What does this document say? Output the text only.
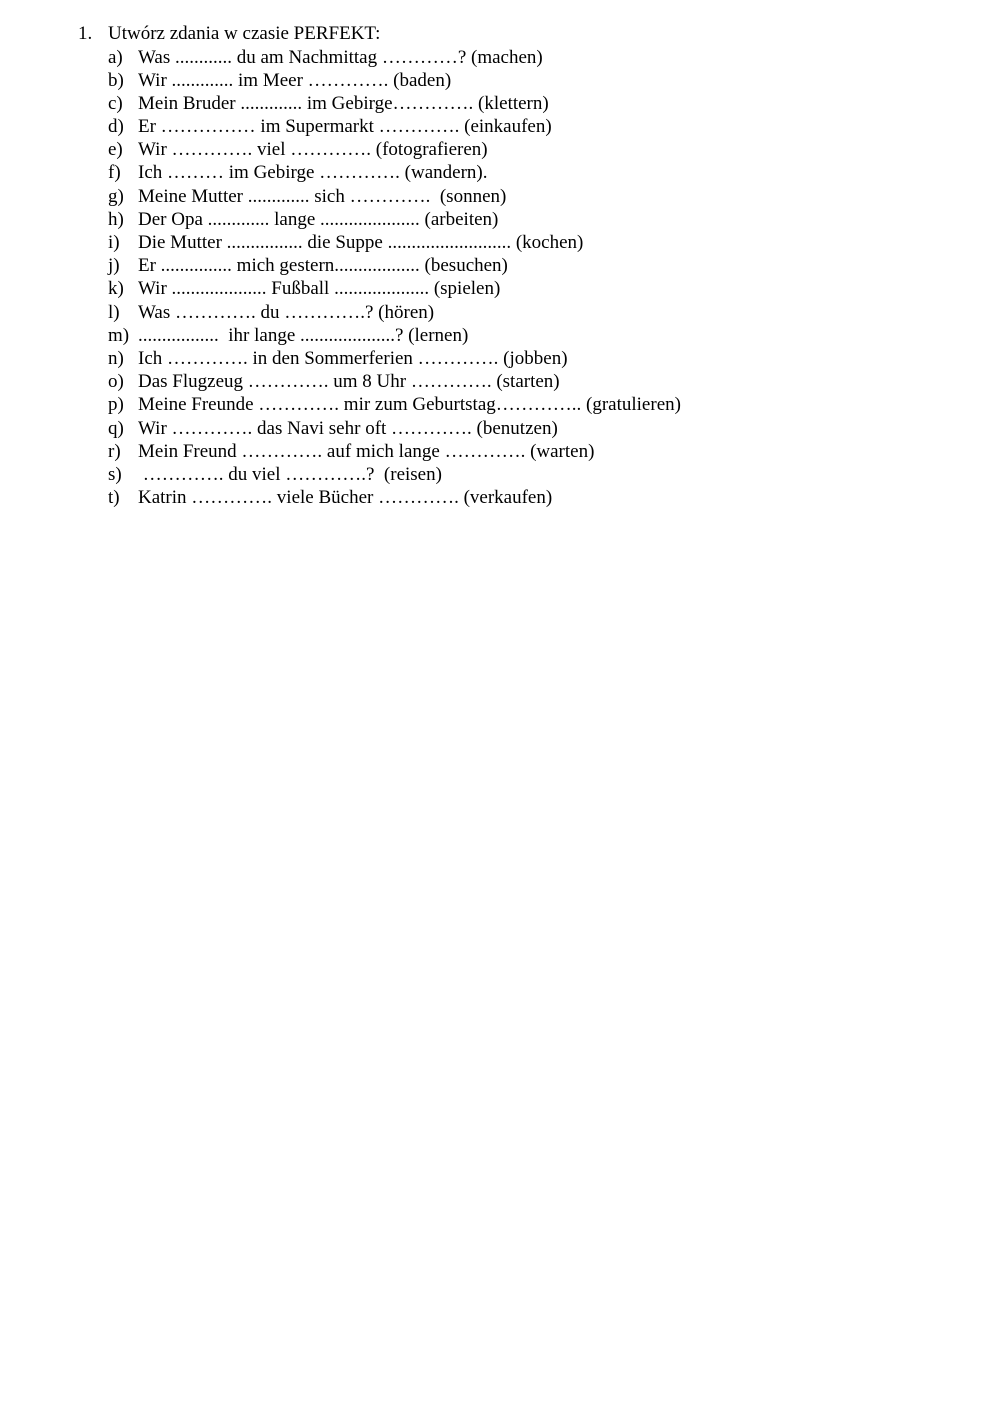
1. Utwórz zdania w czasie PERFEKT:
a) Was ............ du am Nachmittag …………? (machen)
b) Wir ............. im Meer …………. (baden)
c) Mein Bruder ............. im Gebirge…………. (klettern)
d) Er …………… im Supermarkt …………. (einkaufen)
e) Wir …………. viel …………. (fotografieren)
f) Ich ……… im Gebirge …………. (wandern).
g) Meine Mutter ............. sich ………….  (sonnen)
h) Der Opa ............. lange ..................... (arbeiten)
i) Die Mutter ................ die Suppe .......................... (kochen)
j) Er ............... mich gestern.................. (besuchen)
k) Wir .................... Fußball .................... (spielen)
l) Was …………. du ………….? (hören)
m) .................  ihr lange ....................? (lernen)
n) Ich …………. in den Sommerferien …………. (jobben)
o) Das Flugzeug …………. um 8 Uhr …………. (starten)
p) Meine Freunde …………. mir zum Geburtstag………….. (gratulieren)
q) Wir …………. das Navi sehr oft …………. (benutzen)
r) Mein Freund …………. auf mich lange …………. (warten)
s) …………. du viel ………….?  (reisen)
t) Katrin …………. viele Bücher …………. (verkaufen)
